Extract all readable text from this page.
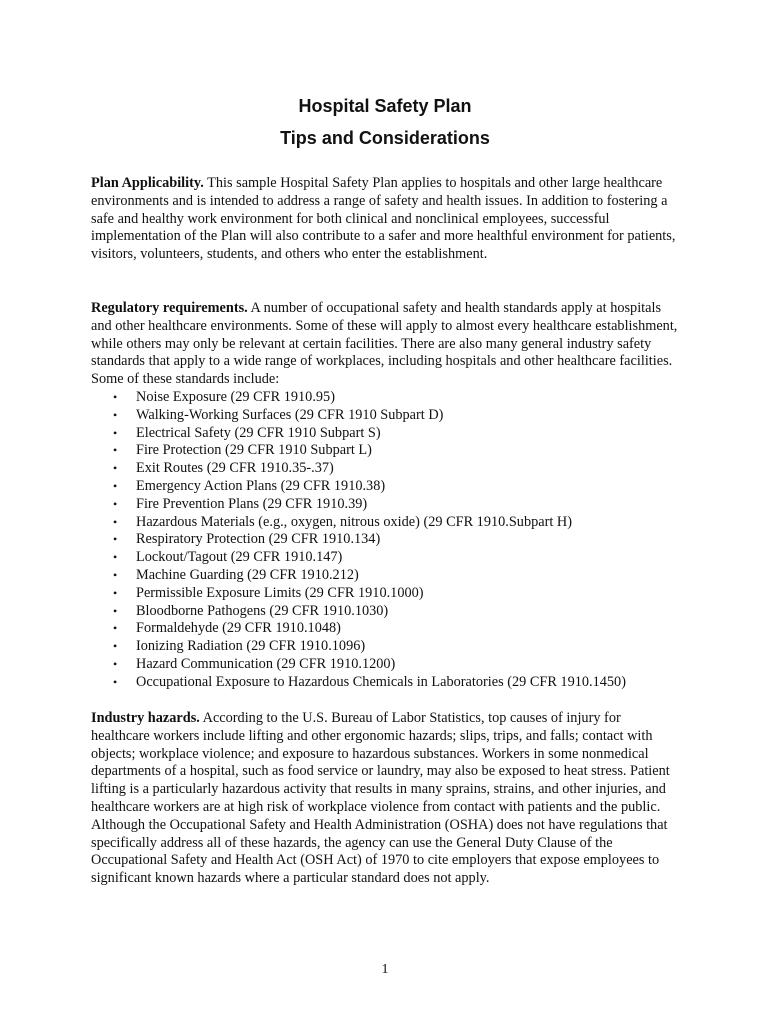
Hospital Safety Plan
Tips and Considerations

Plan Applicability. This sample Hospital Safety Plan applies to hospitals and other large healthcare environments and is intended to address a range of safety and health issues. In addition to fostering a safe and healthy work environment for both clinical and nonclinical employees, successful implementation of the Plan will also contribute to a safer and more healthful environment for patients, visitors, volunteers, students, and others who enter the establishment.

Regulatory requirements. A number of occupational safety and health standards apply at hospitals and other healthcare environments. Some of these will apply to almost every healthcare establishment, while others may only be relevant at certain facilities. There are also many general industry safety standards that apply to a wide range of workplaces, including hospitals and other healthcare facilities. Some of these standards include:

• Noise Exposure (29 CFR 1910.95)
• Walking-Working Surfaces (29 CFR 1910 Subpart D)
• Electrical Safety (29 CFR 1910 Subpart S)
• Fire Protection (29 CFR 1910 Subpart L)
• Exit Routes (29 CFR 1910.35-.37)
• Emergency Action Plans (29 CFR 1910.38)
• Fire Prevention Plans (29 CFR 1910.39)
• Hazardous Materials (e.g., oxygen, nitrous oxide) (29 CFR 1910.Subpart H)
• Respiratory Protection (29 CFR 1910.134)
• Lockout/Tagout (29 CFR 1910.147)
• Machine Guarding (29 CFR 1910.212)
• Permissible Exposure Limits (29 CFR 1910.1000)
• Bloodborne Pathogens (29 CFR 1910.1030)
• Formaldehyde (29 CFR 1910.1048)
• Ionizing Radiation (29 CFR 1910.1096)
• Hazard Communication (29 CFR 1910.1200)
• Occupational Exposure to Hazardous Chemicals in Laboratories (29 CFR 1910.1450)

Industry hazards. According to the U.S. Bureau of Labor Statistics, top causes of injury for healthcare workers include lifting and other ergonomic hazards; slips, trips, and falls; contact with objects; workplace violence; and exposure to hazardous substances. Workers in some nonmedical departments of a hospital, such as food service or laundry, may also be exposed to heat stress. Patient lifting is a particularly hazardous activity that results in many sprains, strains, and other injuries, and healthcare workers are at high risk of workplace violence from contact with patients and the public. Although the Occupational Safety and Health Administration (OSHA) does not have regulations that specifically address all of these hazards, the agency can use the General Duty Clause of the Occupational Safety and Health Act (OSH Act) of 1970 to cite employers that expose employees to significant known hazards where a particular standard does not apply.

1
